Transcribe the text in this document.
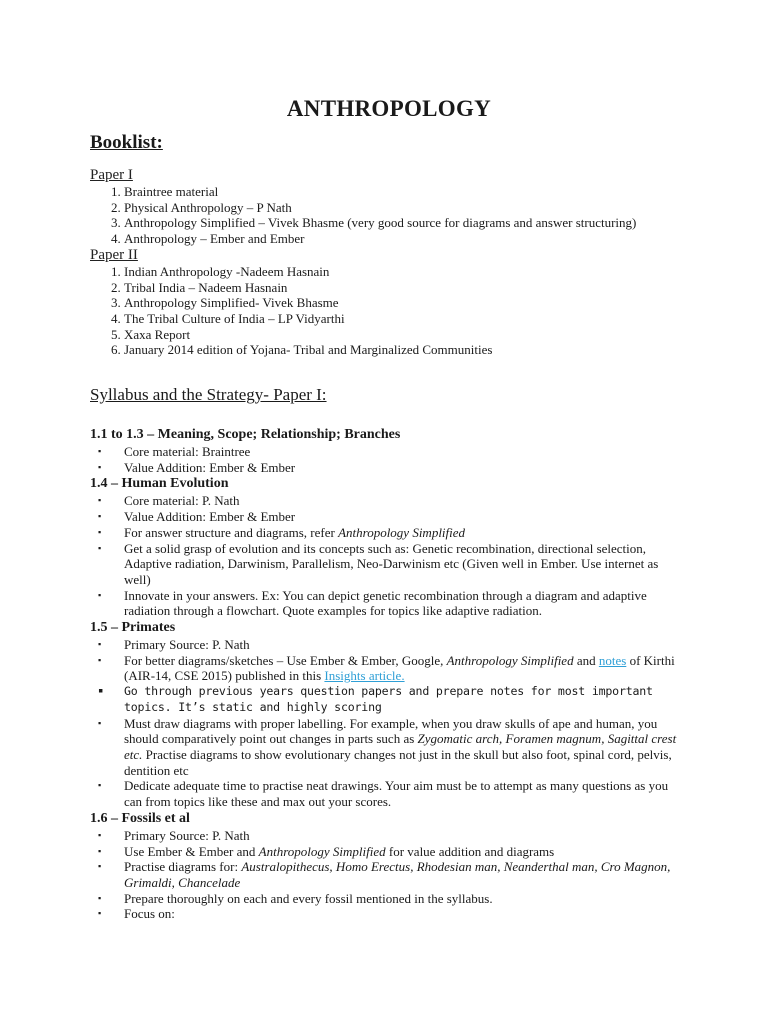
ANTHROPOLOGY
Booklist:
Paper I
1. Braintree material
2. Physical Anthropology – P Nath
3. Anthropology Simplified – Vivek Bhasme (very good source for diagrams and answer structuring)
4. Anthropology – Ember and Ember
Paper II
1. Indian Anthropology -Nadeem Hasnain
2. Tribal India – Nadeem Hasnain
3. Anthropology Simplified- Vivek Bhasme
4. The Tribal Culture of India – LP Vidyarthi
5. Xaxa Report
6. January 2014 edition of Yojana- Tribal and Marginalized Communities
Syllabus and the Strategy- Paper I:
1.1 to 1.3 – Meaning, Scope; Relationship; Branches
▪ Core material: Braintree
▪ Value Addition: Ember & Ember
1.4 – Human Evolution
▪ Core material: P. Nath
▪ Value Addition: Ember & Ember
▪ For answer structure and diagrams, refer Anthropology Simplified
▪ Get a solid grasp of evolution and its concepts such as: Genetic recombination, directional selection, Adaptive radiation, Darwinism, Parallelism, Neo-Darwinism etc (Given well in Ember. Use internet as well)
▪ Innovate in your answers. Ex: You can depict genetic recombination through a diagram and adaptive radiation through a flowchart. Quote examples for topics like adaptive radiation.
1.5 – Primates
▪ Primary Source: P. Nath
▪ For better diagrams/sketches – Use Ember & Ember, Google, Anthropology Simplified and notes of Kirthi (AIR-14, CSE 2015) published in this Insights article.
▪ Go through previous years question papers and prepare notes for most important topics. It’s static and highly scoring
▪ Must draw diagrams with proper labelling. For example, when you draw skulls of ape and human, you should comparatively point out changes in parts such as Zygomatic arch, Foramen magnum, Sagittal crest etc. Practise diagrams to show evolutionary changes not just in the skull but also foot, spinal cord, pelvis, dentition etc
▪ Dedicate adequate time to practise neat drawings. Your aim must be to attempt as many questions as you can from topics like these and max out your scores.
1.6 – Fossils et al
▪ Primary Source: P. Nath
▪ Use Ember & Ember and Anthropology Simplified for value addition and diagrams
▪ Practise diagrams for: Australopithecus, Homo Erectus, Rhodesian man, Neanderthal man, Cro Magnon, Grimaldi, Chancelade
▪ Prepare thoroughly on each and every fossil mentioned in the syllabus.
▪ Focus on:
